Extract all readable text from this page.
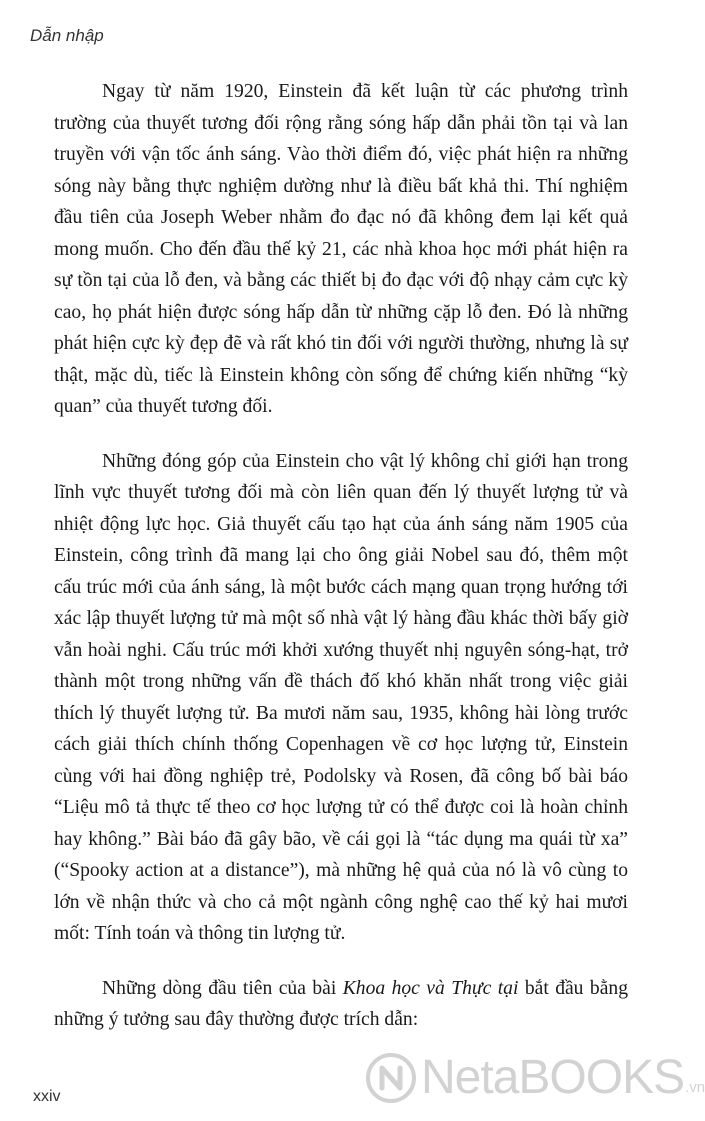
Dẫn nhập

Ngay từ năm 1920, Einstein đã kết luận từ các phương trình trường của thuyết tương đối rộng rằng sóng hấp dẫn phải tồn tại và lan truyền với vận tốc ánh sáng. Vào thời điểm đó, việc phát hiện ra những sóng này bằng thực nghiệm dường như là điều bất khả thi. Thí nghiệm đầu tiên của Joseph Weber nhằm đo đạc nó đã không đem lại kết quả mong muốn. Cho đến đầu thế kỷ 21, các nhà khoa học mới phát hiện ra sự tồn tại của lỗ đen, và bằng các thiết bị đo đạc với độ nhạy cảm cực kỳ cao, họ phát hiện được sóng hấp dẫn từ những cặp lỗ đen. Đó là những phát hiện cực kỳ đẹp đẽ và rất khó tin đối với người thường, nhưng là sự thật, mặc dù, tiếc là Einstein không còn sống để chứng kiến những “kỳ quan” của thuyết tương đối.

Những đóng góp của Einstein cho vật lý không chỉ giới hạn trong lĩnh vực thuyết tương đối mà còn liên quan đến lý thuyết lượng tử và nhiệt động lực học. Giả thuyết cấu tạo hạt của ánh sáng năm 1905 của Einstein, công trình đã mang lại cho ông giải Nobel sau đó, thêm một cấu trúc mới của ánh sáng, là một bước cách mạng quan trọng hướng tới xác lập thuyết lượng tử mà một số nhà vật lý hàng đầu khác thời bấy giờ vẫn hoài nghi. Cấu trúc mới khởi xướng thuyết nhị nguyên sóng-hạt, trở thành một trong những vấn đề thách đố khó khăn nhất trong việc giải thích lý thuyết lượng tử. Ba mươi năm sau, 1935, không hài lòng trước cách giải thích chính thống Copenhagen về cơ học lượng tử, Einstein cùng với hai đồng nghiệp trẻ, Podolsky và Rosen, đã công bố bài báo “Liệu mô tả thực tế theo cơ học lượng tử có thể được coi là hoàn chỉnh hay không.” Bài báo đã gây bão, về cái gọi là “tác dụng ma quái từ xa” (“Spooky action at a distance”), mà những hệ quả của nó là vô cùng to lớn về nhận thức và cho cả một ngành công nghệ cao thế kỷ hai mươi mốt: Tính toán và thông tin lượng tử.

Những dòng đầu tiên của bài Khoa học và Thực tại bắt đầu bằng những ý tưởng sau đây thường được trích dẫn:

xxiv	NetaBOOKS .vn
